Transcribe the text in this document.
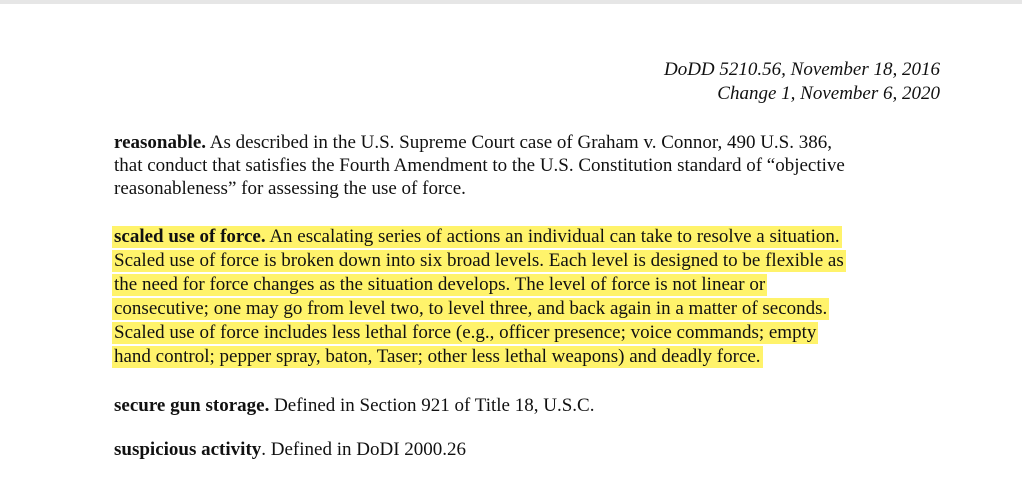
DoDD 5210.56, November 18, 2016
Change 1, November 6, 2020

reasonable. As described in the U.S. Supreme Court case of Graham v. Connor, 490 U.S. 386,
that conduct that satisfies the Fourth Amendment to the U.S. Constitution standard of “objective
reasonableness” for assessing the use of force.

scaled use of force. An escalating series of actions an individual can take to resolve a situation.
Scaled use of force is broken down into six broad levels. Each level is designed to be flexible as
the need for force changes as the situation develops. The level of force is not linear or
consecutive; one may go from level two, to level three, and back again in a matter of seconds.
Scaled use of force includes less lethal force (e.g., officer presence; voice commands; empty
hand control; pepper spray, baton, Taser; other less lethal weapons) and deadly force.

secure gun storage. Defined in Section 921 of Title 18, U.S.C.

suspicious activity. Defined in DoDI 2000.26
